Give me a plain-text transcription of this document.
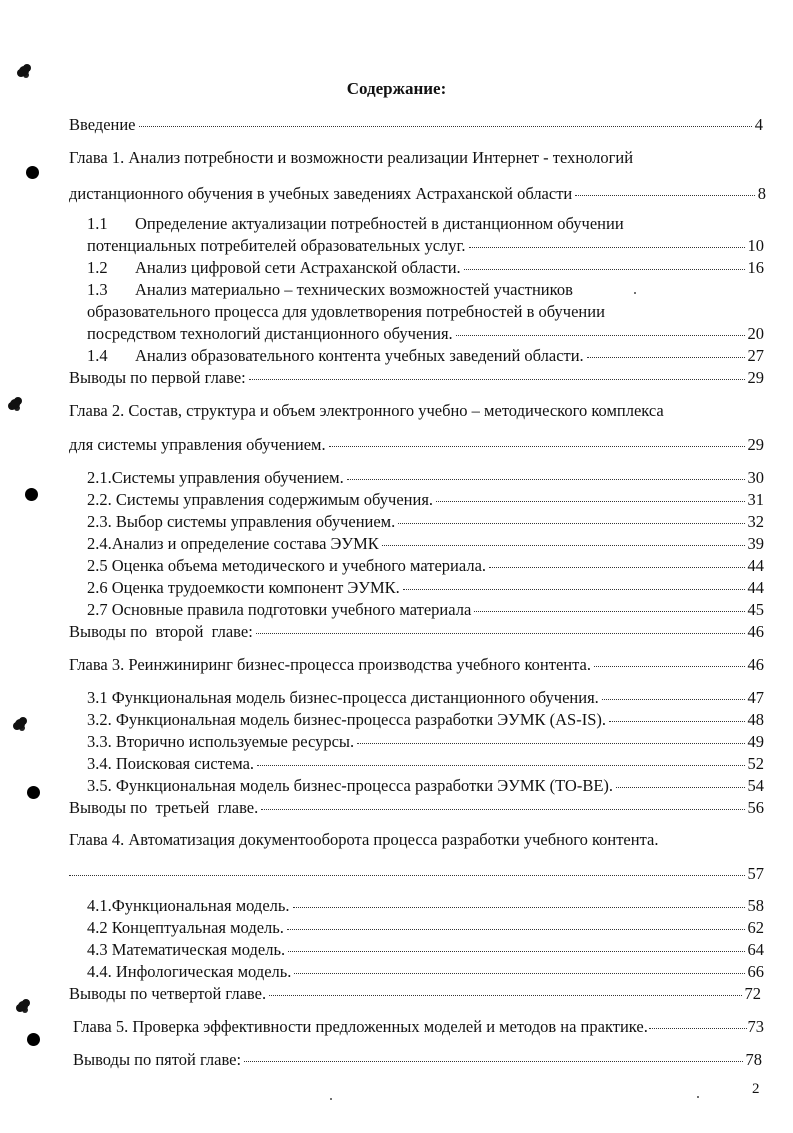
Содержание:
Введение	4
Глава 1. Анализ потребности и возможности реализации Интернет - технологий
дистанционного обучения в учебных заведениях Астраханской области	8
1.1	Определение актуализации потребностей в дистанционном обучении
потенциальных потребителей образовательных услуг.	10
1.2	Анализ цифровой сети Астраханской области.	16
1.3	Анализ материально – технических возможностей участников
образовательного процесса для удовлетворения потребностей в обучении
посредством технологий дистанционного обучения.	20
1.4	Анализ образовательного контента учебных заведений области.	27
Выводы по первой главе:	29
Глава 2. Состав, структура и объем электронного учебно – методического комплекса
для системы управления обучением.	29
2.1.Системы управления обучением.	30
2.2. Системы управления содержимым обучения.	31
2.3. Выбор системы управления обучением.	32
2.4.Анализ и определение состава ЭУМК	39
2.5 Оценка объема методического и учебного материала.	44
2.6 Оценка трудоемкости компонент ЭУМК.	44
2.7 Основные правила подготовки учебного материала	45
Выводы по  второй  главе:	46
Глава 3. Реинжиниринг бизнес-процесса производства учебного контента.	46
3.1 Функциональная модель бизнес-процесса дистанционного обучения.	47
3.2. Функциональная модель бизнес-процесса разработки ЭУМК (AS-IS).	48
3.3. Вторично используемые ресурсы.	49
3.4. Поисковая система.	52
3.5. Функциональная модель бизнес-процесса разработки ЭУМК (TO-BE).	54
Выводы по  третьей  главе.	56
Глава 4. Автоматизация документооборота процесса разработки учебного контента.
57
4.1.Функциональная модель.	58
4.2 Концептуальная модель.	62
4.3 Математическая модель.	64
4.4. Инфологическая модель.	66
Выводы по четвертой главе.	72
Глава 5. Проверка эффективности предложенных моделей и методов на практике.	73
Выводы по пятой главе:	78
2
